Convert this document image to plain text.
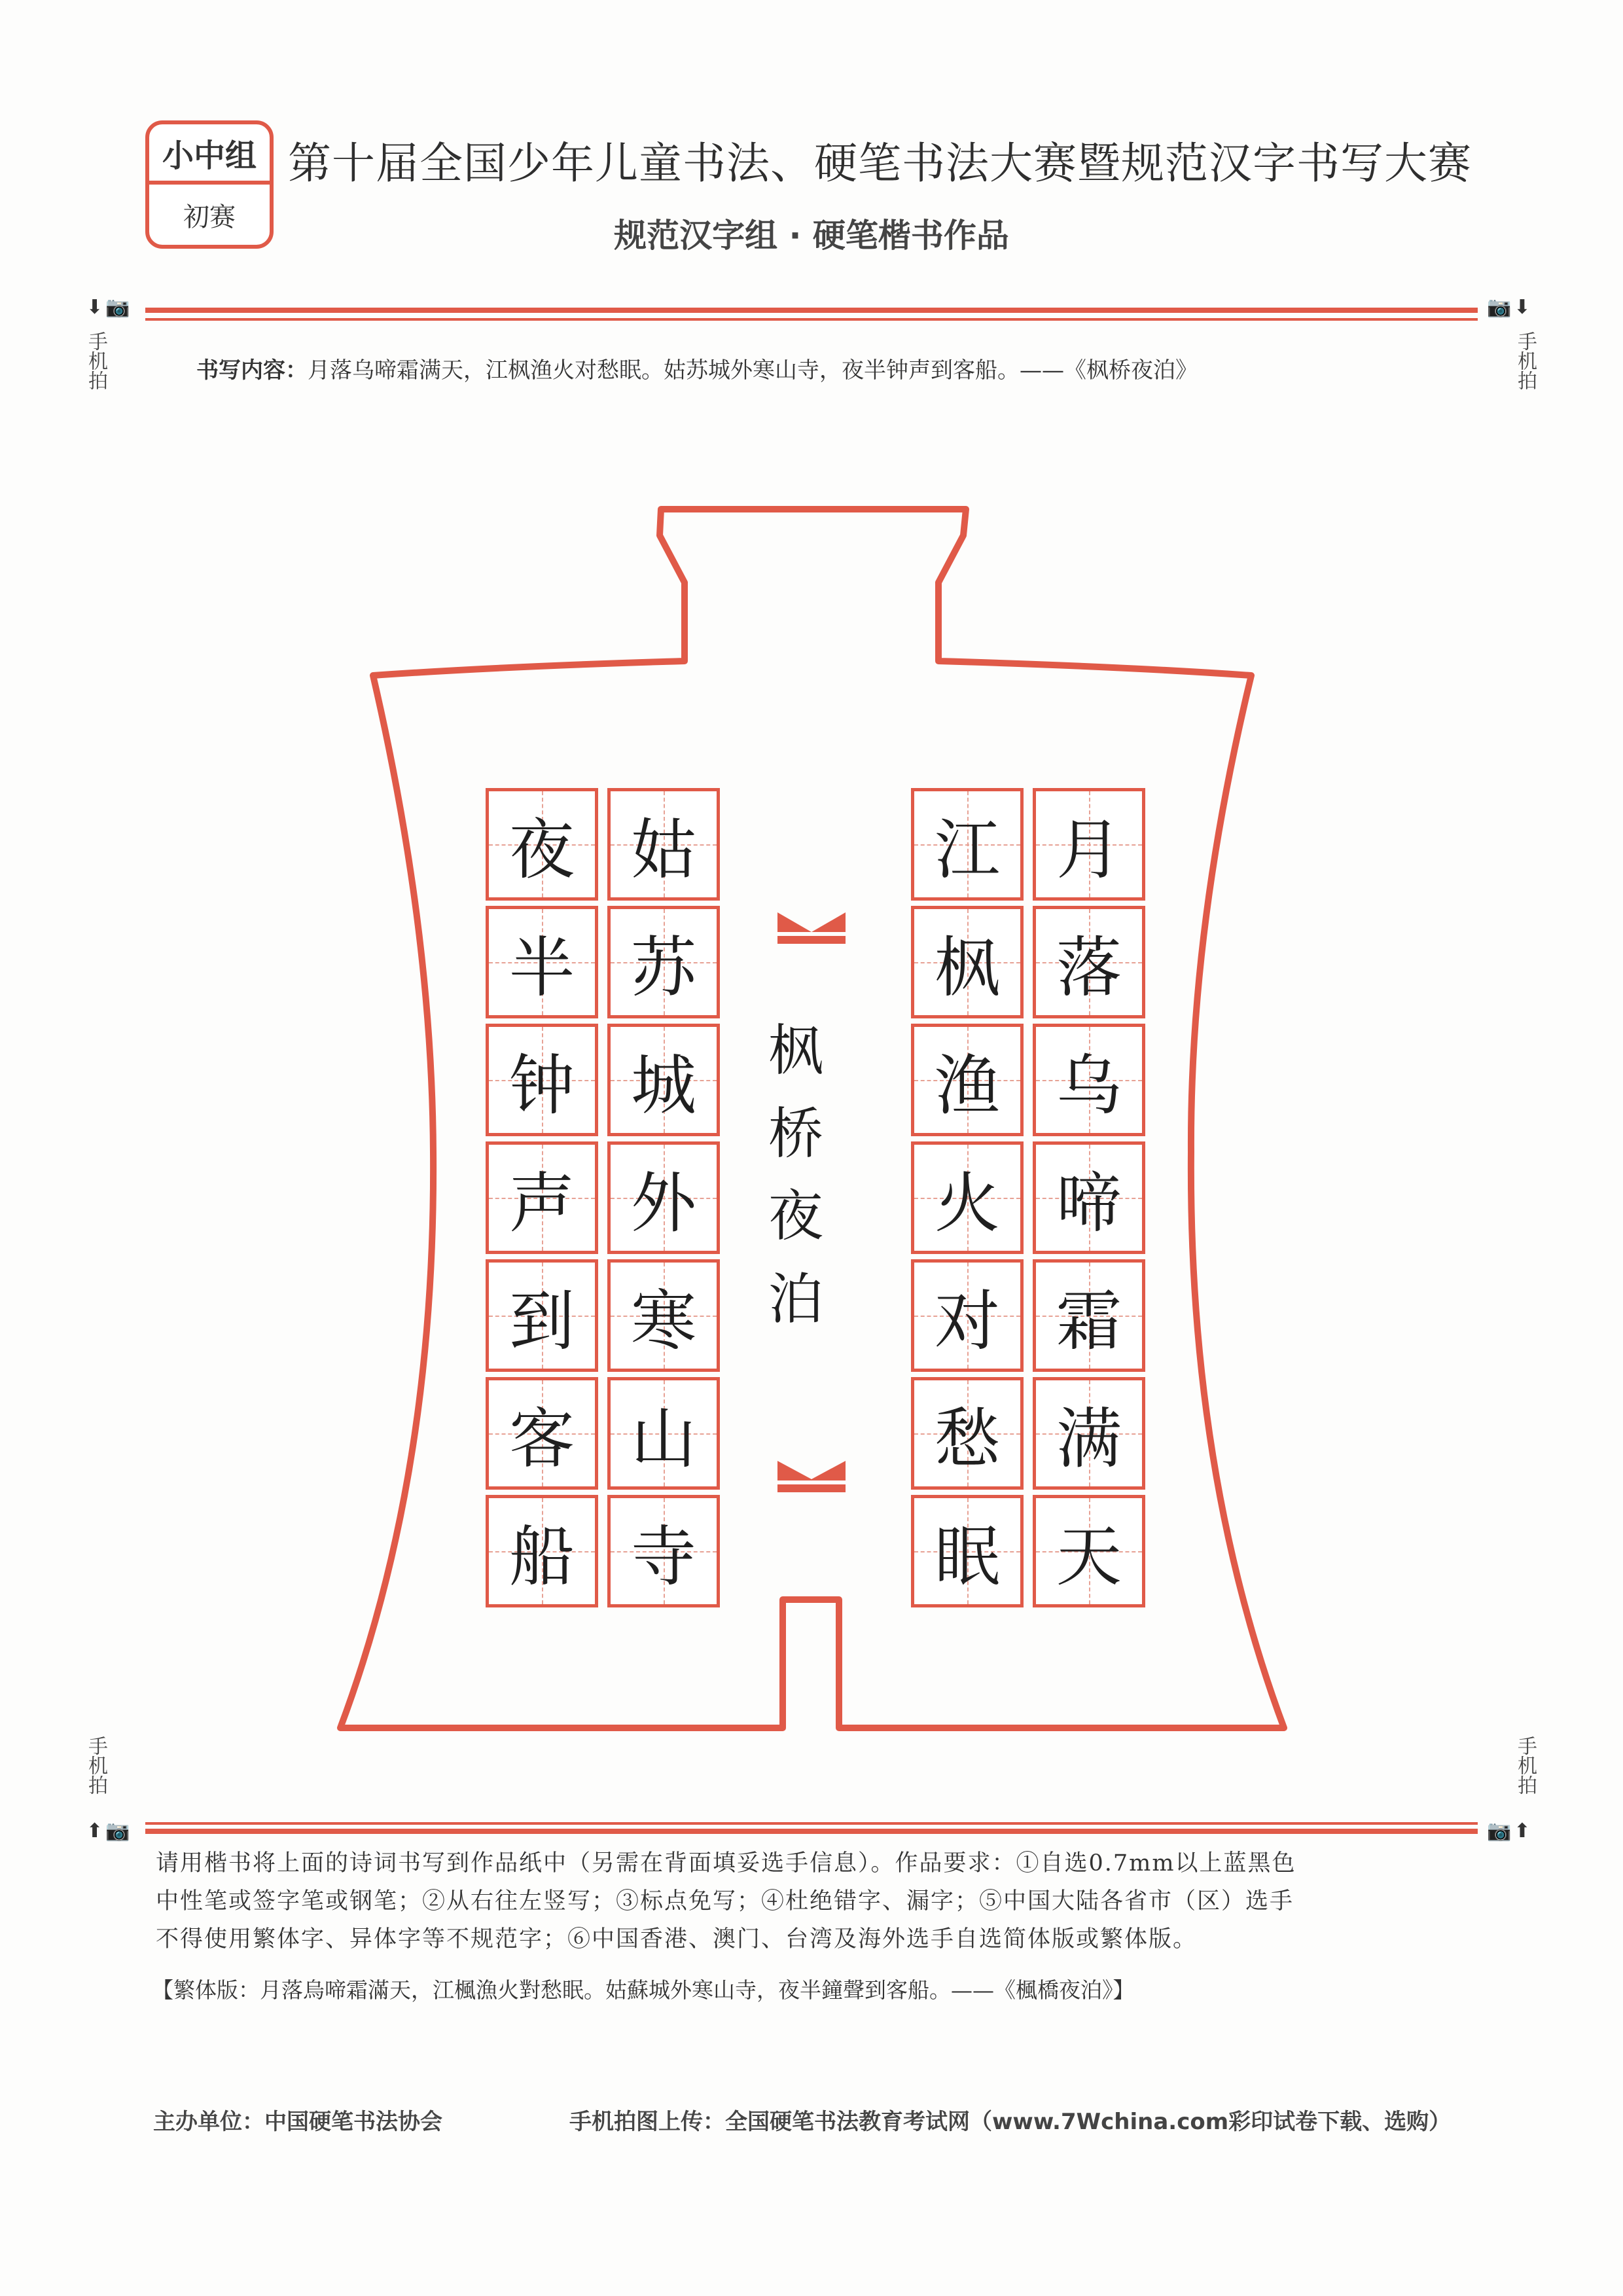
小中组
初赛
第十届全国少年儿童书法、硬笔书法大赛暨规范汉字书写大赛
规范汉字组 · 硬笔楷书作品
⬇📷
手机拍
📷⬇
手机拍
手机拍
⬆📷
手机拍
📷⬆
书写内容：月落乌啼霜满天，江枫渔火对愁眠。姑苏城外寒山寺，夜半钟声到客船。——《枫桥夜泊》
夜
半
钟
声
到
客
船
姑
苏
城
外
寒
山
寺
江
枫
渔
火
对
愁
眠
月
落
乌
啼
霜
满
天
枫
桥
夜
泊
请用楷书将上面的诗词书写到作品纸中（另需在背面填妥选手信息）。作品要求：①自选0.7mm以上蓝黑色
中性笔或签字笔或钢笔；②从右往左竖写；③标点免写；④杜绝错字、漏字；⑤中国大陆各省市（区）选手
不得使用繁体字、异体字等不规范字；⑥中国香港、澳门、台湾及海外选手自选简体版或繁体版。
【繁体版：月落烏啼霜滿天，江楓漁火對愁眠。姑蘇城外寒山寺，夜半鐘聲到客船。——《楓橋夜泊》】
主办单位：中国硬笔书法协会	手机拍图上传：全国硬笔书法教育考试网（www.7Wchina.com彩印试卷下载、选购）
